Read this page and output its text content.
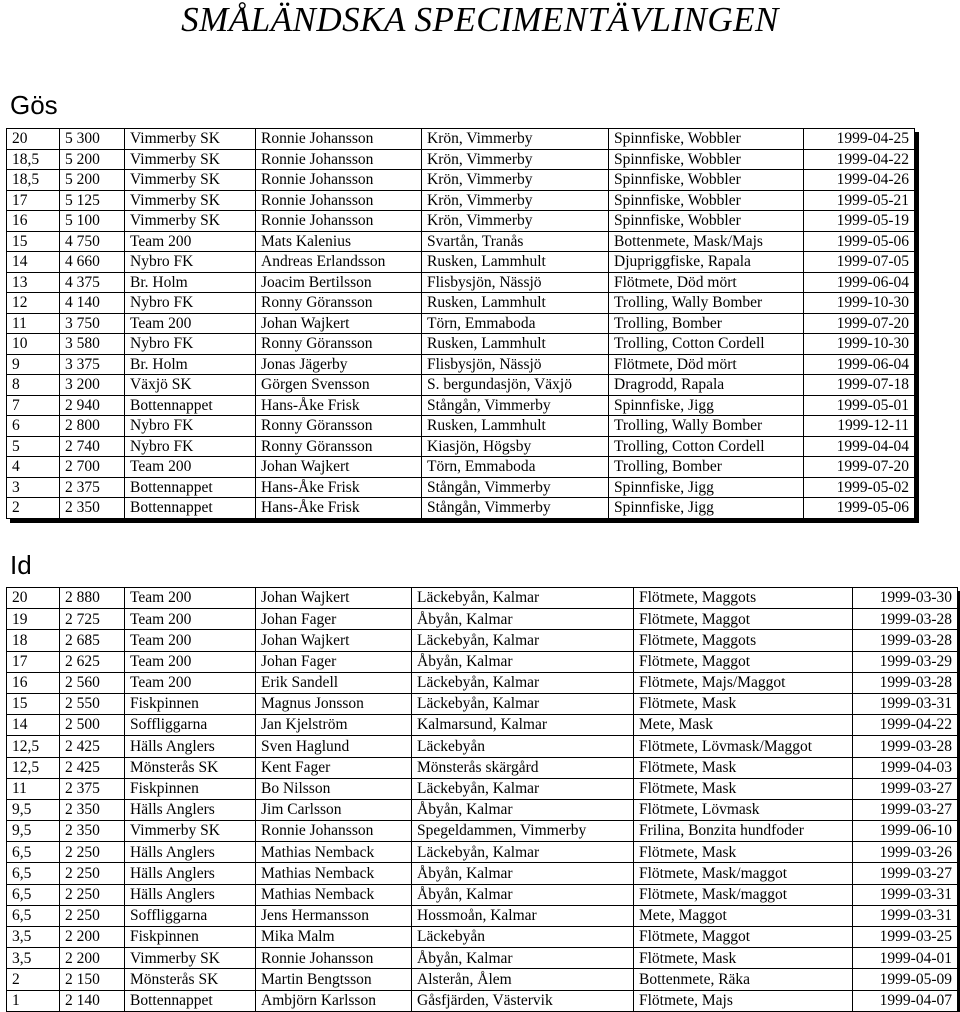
SMÅLÄNDSKA SPECIMENTÄVLINGEN
Gös
20	5 300	Vimmerby SK	Ronnie Johansson	Krön, Vimmerby	Spinnfiske, Wobbler	1999-04-25
18,5	5 200	Vimmerby SK	Ronnie Johansson	Krön, Vimmerby	Spinnfiske, Wobbler	1999-04-22
18,5	5 200	Vimmerby SK	Ronnie Johansson	Krön, Vimmerby	Spinnfiske, Wobbler	1999-04-26
17	5 125	Vimmerby SK	Ronnie Johansson	Krön, Vimmerby	Spinnfiske, Wobbler	1999-05-21
16	5 100	Vimmerby SK	Ronnie Johansson	Krön, Vimmerby	Spinnfiske, Wobbler	1999-05-19
15	4 750	Team 200	Mats Kalenius	Svartån, Tranås	Bottenmete, Mask/Majs	1999-05-06
14	4 660	Nybro FK	Andreas Erlandsson	Rusken, Lammhult	Djupriggfiske, Rapala	1999-07-05
13	4 375	Br. Holm	Joacim Bertilsson	Flisbysjön, Nässjö	Flötmete, Död mört	1999-06-04
12	4 140	Nybro FK	Ronny Göransson	Rusken, Lammhult	Trolling, Wally Bomber	1999-10-30
11	3 750	Team 200	Johan Wajkert	Törn, Emmaboda	Trolling, Bomber	1999-07-20
10	3 580	Nybro FK	Ronny Göransson	Rusken, Lammhult	Trolling, Cotton Cordell	1999-10-30
9	3 375	Br. Holm	Jonas Jägerby	Flisbysjön, Nässjö	Flötmete, Död mört	1999-06-04
8	3 200	Växjö SK	Görgen Svensson	S. bergundasjön, Växjö	Dragrodd, Rapala	1999-07-18
7	2 940	Bottennappet	Hans-Åke Frisk	Stångån, Vimmerby	Spinnfiske, Jigg	1999-05-01
6	2 800	Nybro FK	Ronny Göransson	Rusken, Lammhult	Trolling, Wally Bomber	1999-12-11
5	2 740	Nybro FK	Ronny Göransson	Kiasjön, Högsby	Trolling, Cotton Cordell	1999-04-04
4	2 700	Team 200	Johan Wajkert	Törn, Emmaboda	Trolling, Bomber	1999-07-20
3	2 375	Bottennappet	Hans-Åke Frisk	Stångån, Vimmerby	Spinnfiske, Jigg	1999-05-02
2	2 350	Bottennappet	Hans-Åke Frisk	Stångån, Vimmerby	Spinnfiske, Jigg	1999-05-06
Id
20	2 880	Team 200	Johan Wajkert	Läckebyån, Kalmar	Flötmete, Maggots	1999-03-30
19	2 725	Team 200	Johan Fager	Åbyån, Kalmar	Flötmete, Maggot	1999-03-28
18	2 685	Team 200	Johan Wajkert	Läckebyån, Kalmar	Flötmete, Maggots	1999-03-28
17	2 625	Team 200	Johan Fager	Åbyån, Kalmar	Flötmete, Maggot	1999-03-29
16	2 560	Team 200	Erik Sandell	Läckebyån, Kalmar	Flötmete, Majs/Maggot	1999-03-28
15	2 550	Fiskpinnen	Magnus Jonsson	Läckebyån, Kalmar	Flötmete, Mask	1999-03-31
14	2 500	Soffliggarna	Jan Kjelström	Kalmarsund, Kalmar	Mete, Mask	1999-04-22
12,5	2 425	Hälls Anglers	Sven Haglund	Läckebyån	Flötmete, Lövmask/Maggot	1999-03-28
12,5	2 425	Mönsterås SK	Kent Fager	Mönsterås skärgård	Flötmete, Mask	1999-04-03
11	2 375	Fiskpinnen	Bo Nilsson	Läckebyån, Kalmar	Flötmete, Mask	1999-03-27
9,5	2 350	Hälls Anglers	Jim Carlsson	Åbyån, Kalmar	Flötmete, Lövmask	1999-03-27
9,5	2 350	Vimmerby SK	Ronnie Johansson	Spegeldammen, Vimmerby	Frilina, Bonzita hundfoder	1999-06-10
6,5	2 250	Hälls Anglers	Mathias Nemback	Läckebyån, Kalmar	Flötmete, Mask	1999-03-26
6,5	2 250	Hälls Anglers	Mathias Nemback	Åbyån, Kalmar	Flötmete, Mask/maggot	1999-03-27
6,5	2 250	Hälls Anglers	Mathias Nemback	Åbyån, Kalmar	Flötmete, Mask/maggot	1999-03-31
6,5	2 250	Soffliggarna	Jens Hermansson	Hossmoån, Kalmar	Mete, Maggot	1999-03-31
3,5	2 200	Fiskpinnen	Mika Malm	Läckebyån	Flötmete, Maggot	1999-03-25
3,5	2 200	Vimmerby SK	Ronnie Johansson	Åbyån, Kalmar	Flötmete, Mask	1999-04-01
2	2 150	Mönsterås SK	Martin Bengtsson	Alsterån, Ålem	Bottenmete, Räka	1999-05-09
1	2 140	Bottennappet	Ambjörn Karlsson	Gåsfjärden, Västervik	Flötmete, Majs	1999-04-07
